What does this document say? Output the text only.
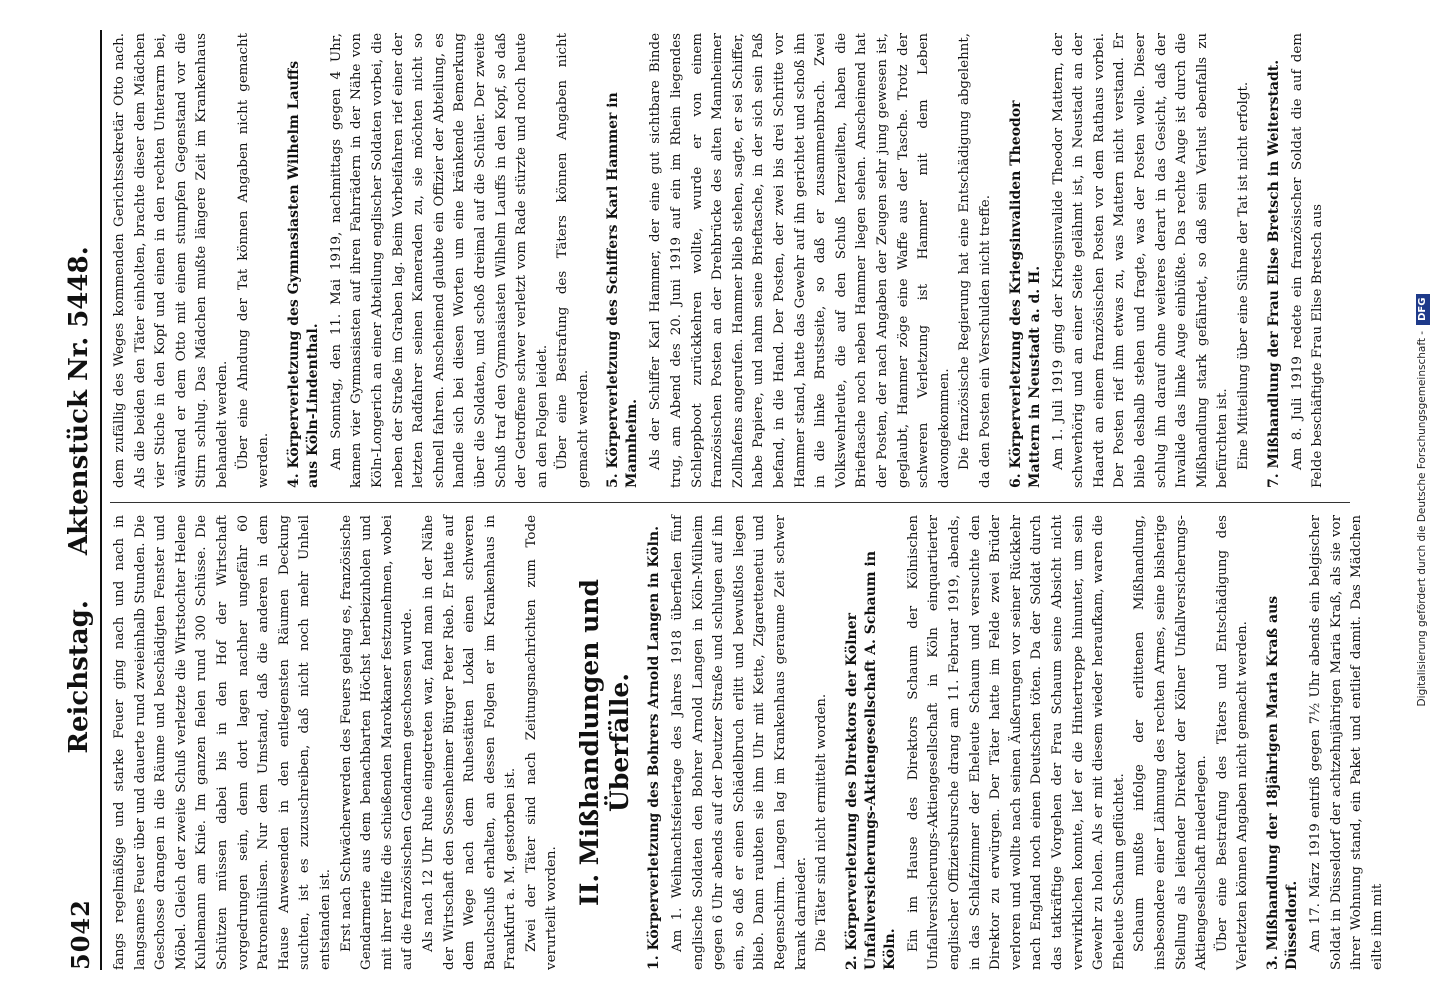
5042
Reichstag. Aktenstück Nr. 5448.

fangs regelmäßige und starke Feuer ging nach und nach in langsames Feuer über und dauerte rund zweieinhalb Stunden. Die Geschosse drangen in die Räume und beschädigten Fenster und Möbel. Gleich der zweite Schuß verletzte die Wirtstochter Helene Kuhlemann am Knie. Im ganzen fielen rund 300 Schüsse. Die Schützen müssen dabei bis in den Hof der Wirtschaft vorgedrungen sein, denn dort lagen nachher ungefähr 60 Patronenhülsen. Nur dem Umstand, daß die anderen in dem Hause Anwesenden in den entlegensten Räumen Deckung suchten, ist es zuzuschreiben, daß nicht noch mehr Unheil entstanden ist. Erst nach Schwächerwerden des Feuers gelang es, französische Gendarmerie aus dem benachbarten Höchst herbeizuholen und mit ihrer Hilfe die schießenden Marokkaner festzunehmen, wobei auf die französischen Gendarmen geschossen wurde. Als nach 12 Uhr Ruhe eingetreten war, fand man in der Nähe der Wirtschaft den Sossenheimer Bürger Peter Rieb. Er hatte auf dem Wege nach dem Ruhestätten Lokal einen schweren Bauchschuß erhalten, an dessen Folgen er im Krankenhaus in Frankfurt a. M. gestorben ist. Zwei der Täter sind nach Zeitungsnachrichten zum Tode verurteilt worden.

II. Mißhandlungen und Überfälle. 1. Körperverletzung des Bohrers Arnold Langen in Köln. Am 1. Weihnachtsfeiertage des Jahres 1918 überfielen fünf englische Soldaten den Bohrer Arnold Langen in Köln-Mülheim gegen 6 Uhr abends auf der Deutzer Straße und schlugen auf ihn ein, so daß er einen Schädelbruch erlitt und bewußtlos liegen blieb. Dann raubten sie ihm Uhr mit Kette, Zigarettenetui und Regenschirm. Langen lag im Krankenhaus geraume Zeit schwer krank darnieder. Die Täter sind nicht ermittelt worden. 2. Körperverletzung des Direktors der Kölner Unfallversicherungs-Aktiengesellschaft A. Schaum in Köln. Ein im Hause des Direktors Schaum der Kölnischen Unfallversicherungs-Aktiengesellschaft in Köln einquartierter englischer Offiziersbursche drang am 11. Februar 1919, abends, in das Schlafzimmer der Eheleute Schaum und versuchte den Direktor zu erwürgen. Der Täter hatte im Felde zwei Brüder verloren und wollte nach seinen Äußerungen vor seiner Rückkehr nach England noch einen Deutschen töten. Da der Soldat durch das tatkräftige Vorgehen der Frau Schaum seine Absicht nicht verwirklichen konnte, lief er die Hintertreppe hinunter, um sein Gewehr zu holen. Als er mit diesem wieder heraufkam, waren die Eheleute Schaum geflüchtet. Schaum mußte infolge der erlittenen Mißhandlung, insbesondere einer Lähmung des rechten Armes, seine bisherige Stellung als leitender Direktor der Kölner Unfallversicherungs-Aktiengesellschaft niederlegen. Über eine Bestrafung des Täters und Entschädigung des Verletzten können Angaben nicht gemacht werden. 3. Mißhandlung der 18jährigen Maria Kraß aus Düsseldorf. Am 17. März 1919 entriß gegen 7½ Uhr abends ein belgischer Soldat in Düsseldorf der achtzehnjährigen Maria Kraß, als sie vor ihrer Wohnung stand, ein Paket und entlief damit. Das Mädchen eilte ihm mit

dem zufällig des Weges kommenden Gerichtssekretär Otto nach. Als die beiden den Täter einholten, brachte dieser dem Mädchen vier Stiche in den Kopf und einen in den rechten Unterarm bei, während er dem Otto mit einem stumpfen Gegenstand vor die Stirn schlug. Das Mädchen mußte längere Zeit im Krankenhaus behandelt werden. Über eine Ahndung der Tat können Angaben nicht gemacht werden. 4. Körperverletzung des Gymnasiasten Wilhelm Lauffs aus Köln-Lindenthal. Am Sonntag, den 11. Mai 1919, nachmittags gegen 4 Uhr, kamen vier Gymnasiasten auf ihren Fahrrädern in der Nähe von Köln-Longerich an einer Abteilung englischer Soldaten vorbei, die neben der Straße im Graben lag. Beim Vorbeifahren rief einer der letzten Radfahrer seinen Kameraden zu, sie möchten nicht so schnell fahren. Anscheinend glaubte ein Offizier der Abteilung, es handle sich bei diesen Worten um eine kränkende Bemerkung über die Soldaten, und schoß dreimal auf die Schüler. Der zweite Schuß traf den Gymnasiasten Wilhelm Lauffs in den Kopf, so daß der Getroffene schwer verletzt vom Rade stürzte und noch heute an den Folgen leidet. Über eine Bestrafung des Täters können Angaben nicht gemacht werden. 5. Körperverletzung des Schiffers Karl Hammer in Mannheim. Als der Schiffer Karl Hammer, der eine gut sichtbare Binde trug, am Abend des 20. Juni 1919 auf ein im Rhein liegendes Schleppboot zurückkehren wollte, wurde er von einem französischen Posten an der Drehbrücke des alten Mannheimer Zollhafens angerufen. Hammer blieb stehen, sagte, er sei Schiffer, habe Papiere, und nahm seine Brieftasche, in der sich sein Paß befand, in die Hand. Der Posten, der zwei bis drei Schritte vor Hammer stand, hatte das Gewehr auf ihn gerichtet und schoß ihn in die linke Brustseite, so daß er zusammenbrach. Zwei Volkswehrleute, die auf den Schuß herzueilten, haben die Brieftasche noch neben Hammer liegen sehen. Anscheinend hat der Posten, der nach Angaben der Zeugen sehr jung gewesen ist, geglaubt, Hammer zöge eine Waffe aus der Tasche. Trotz der schweren Verletzung ist Hammer mit dem Leben davongekommen. Die französische Regierung hat eine Entschädigung abgelehnt, da den Posten ein Verschulden nicht treffe. 6. Körperverletzung des Kriegsinvaliden Theodor Mattern in Neustadt a. d. H. Am 1. Juli 1919 ging der Kriegsinvalide Theodor Mattern, der schwerhörig und an einer Seite gelähmt ist, in Neustadt an der Haardt an einem französischen Posten vor dem Rathaus vorbei. Der Posten rief ihm etwas zu, was Mattern nicht verstand. Er blieb deshalb stehen und fragte, was der Posten wolle. Dieser schlug ihn darauf ohne weiteres derart in das Gesicht, daß der Invalide das linke Auge einbüßte. Das rechte Auge ist durch die Mißhandlung stark gefährdet, so daß sein Verlust ebenfalls zu befürchten ist. Eine Mitteilung über eine Sühne der Tat ist nicht erfolgt. 7. Mißhandlung der Frau Elise Bretsch in Weiterstadt. Am 8. Juli 1919 redete ein französischer Soldat die auf dem Felde beschäftigte Frau Elise Bretsch aus	Digitalisierung gefördert durch die Deutsche Forschungsgemeinschaft -DFG
